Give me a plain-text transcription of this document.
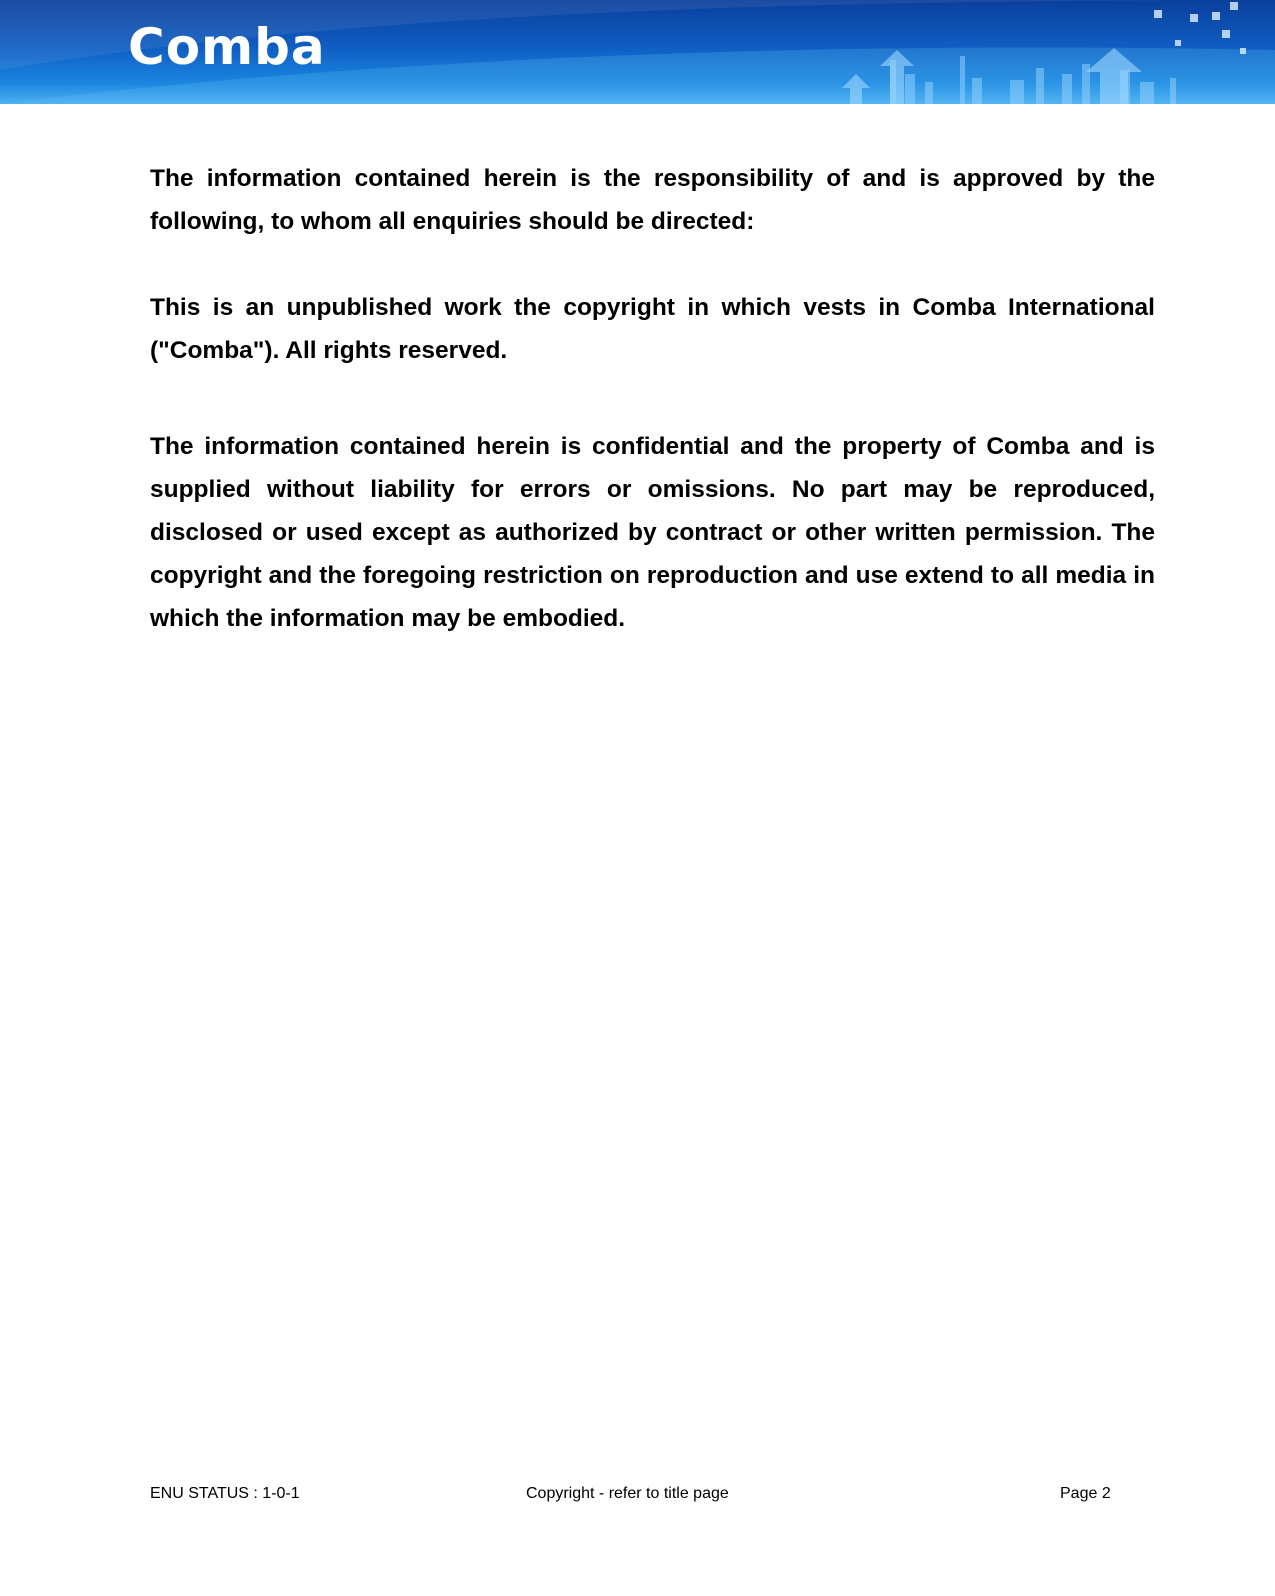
Comba

The information contained herein is the responsibility of and is approved by the following, to whom all enquiries should be directed:

This is an unpublished work the copyright in which vests in Comba International ("Comba"). All rights reserved.

The information contained herein is confidential and the property of Comba and is supplied without liability for errors or omissions. No part may be reproduced, disclosed or used except as authorized by contract or other written permission. The copyright and the foregoing restriction on reproduction and use extend to all media in which the information may be embodied.

ENU STATUS : 1-0-1	Copyright - refer to title page	Page 2
